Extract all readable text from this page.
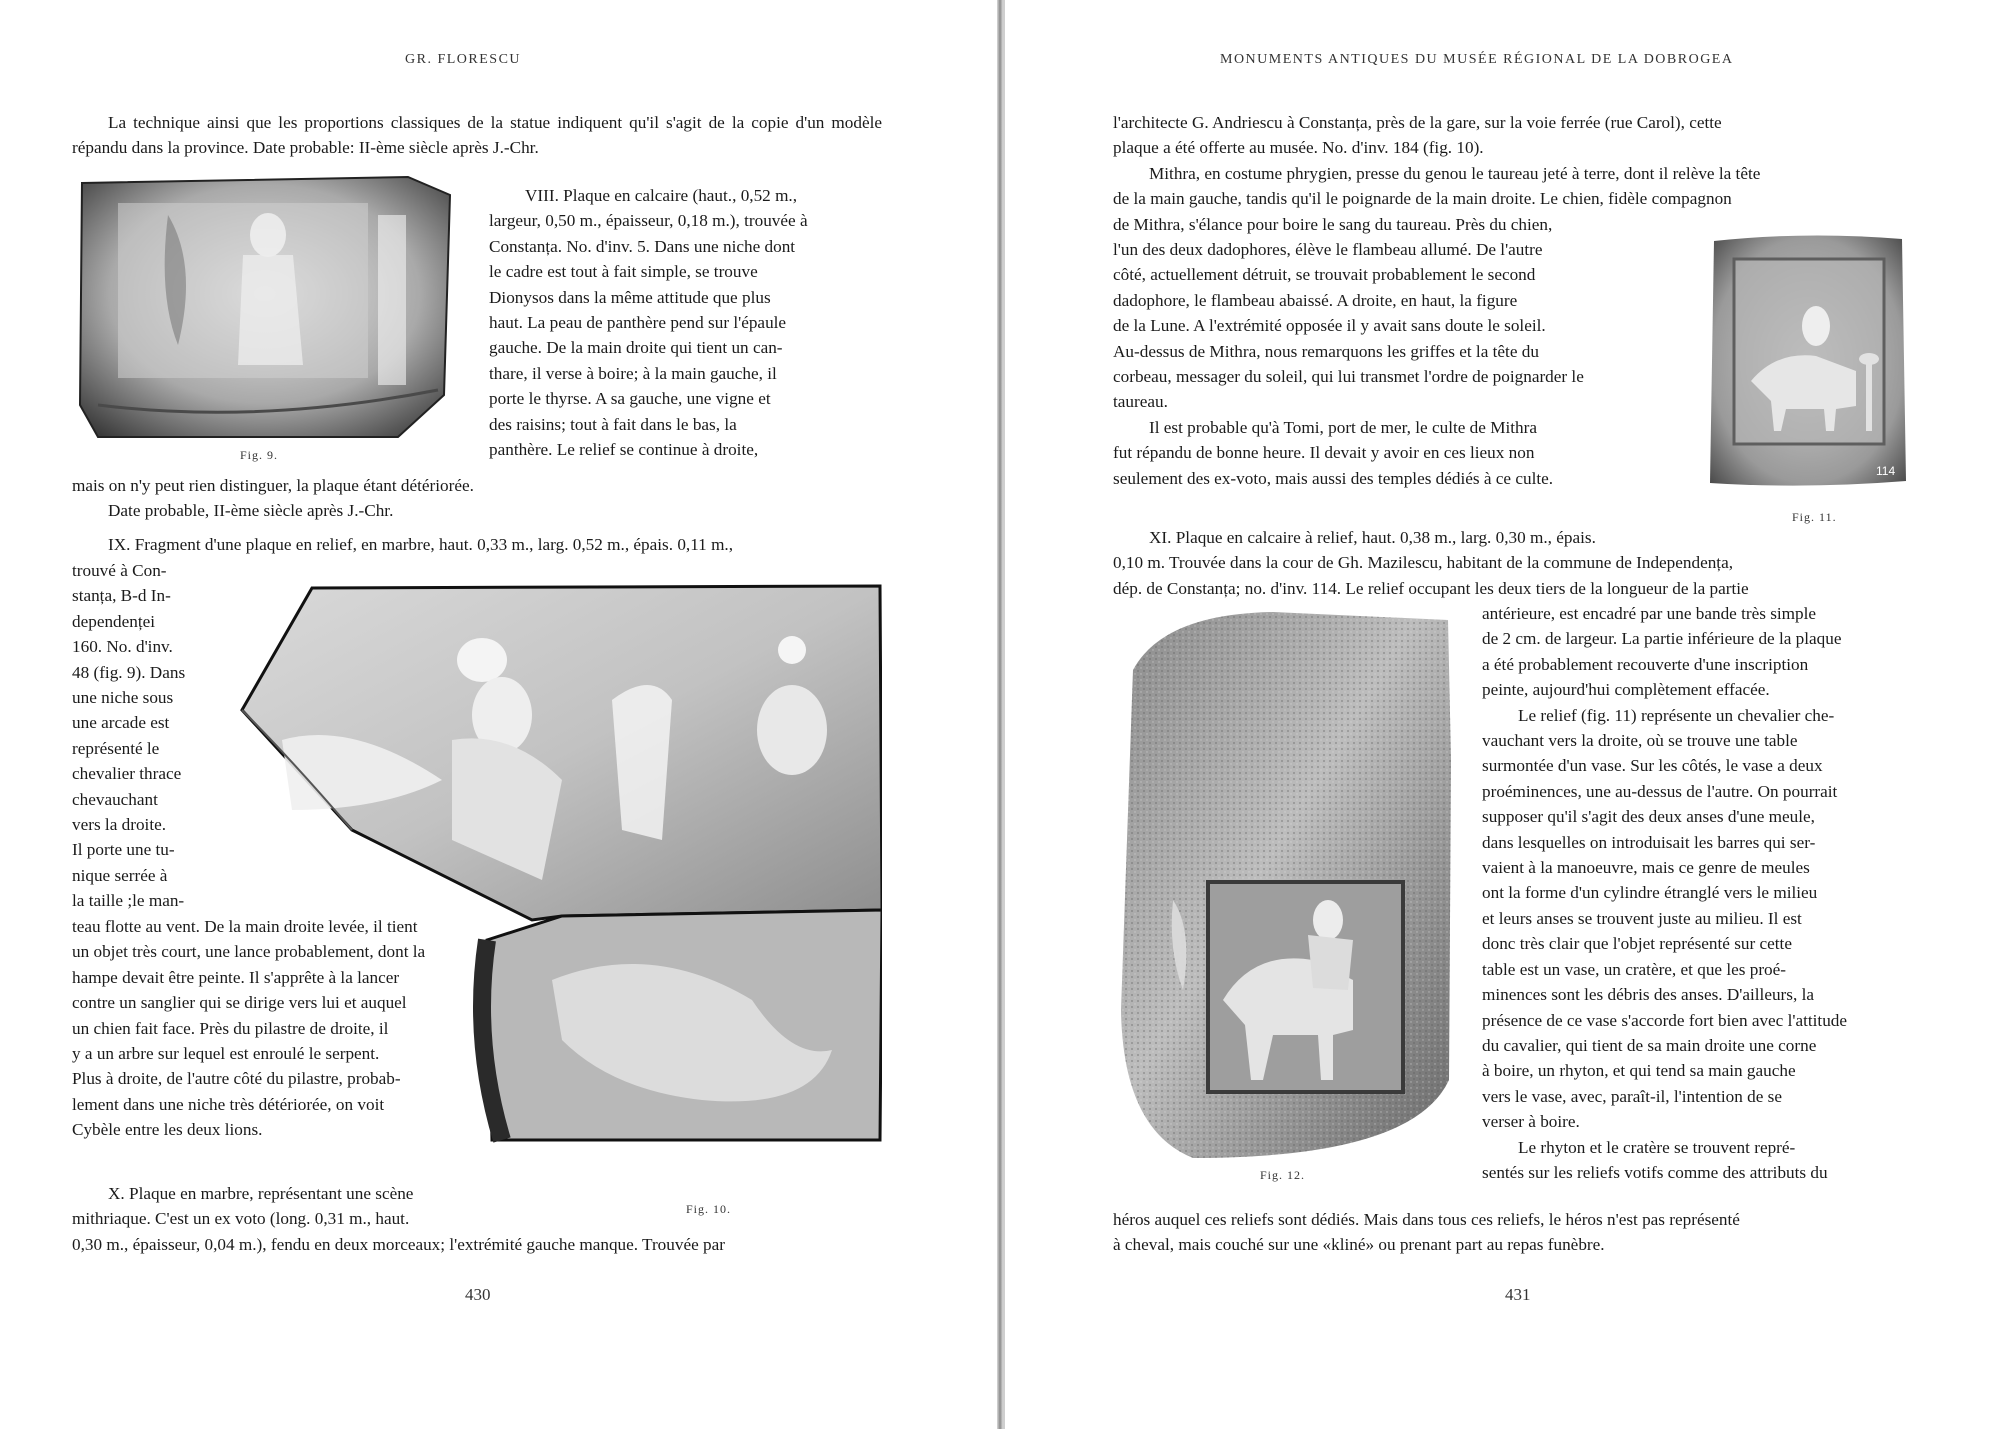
GR. FLORESCU

La technique ainsi que les proportions classiques de la statue indiquent qu'il s'agit de la copie d'un modèle répandu dans la province. Date probable: II-ème siècle après J.-Chr.

Fig. 9.

VIII. Plaque en calcaire (haut., 0,52 m.,

largeur, 0,50 m., épaisseur, 0,18 m.), trouvée à

Constanța. No. d'inv. 5. Dans une niche dont

le cadre est tout à fait simple, se trouve

Dionysos dans la même attitude que plus

haut. La peau de panthère pend sur l'épaule

gauche. De la main droite qui tient un can-

thare, il verse à boire; à la main gauche, il

porte le thyrse. A sa gauche, une vigne et

des raisins; tout à fait dans le bas, la

panthère. Le relief se continue à droite,

mais on n'y peut rien distinguer, la plaque étant détériorée.

Date probable, II-ème siècle après J.-Chr.

IX. Fragment d'une plaque en relief, en marbre, haut. 0,33 m., larg. 0,52 m., épais. 0,11 m.,

trouvé à Con-

stanța, B-d In-

dependenței

160. No. d'inv.

48 (fig. 9). Dans

une niche sous

une arcade est

représenté le

chevalier thrace

chevauchant

vers la droite.

Il porte une tu-

nique serrée à

la taille ;le man-

Fig. 10.

teau flotte au vent. De la main droite levée, il tient

un objet très court, une lance probablement, dont la

hampe devait être peinte. Il s'apprête à la lancer

contre un sanglier qui se dirige vers lui et auquel

un chien fait face. Près du pilastre de droite, il

y a un arbre sur lequel est enroulé le serpent.

Plus à droite, de l'autre côté du pilastre, probab-

lement dans une niche très détériorée, on voit

Cybèle entre les deux lions.

X. Plaque en marbre, représentant une scène

mithriaque. C'est un ex voto (long. 0,31 m., haut.

0,30 m., épaisseur, 0,04 m.), fendu en deux morceaux; l'extrémité gauche manque. Trouvée par

430
MONUMENTS ANTIQUES DU MUSÉE RÉGIONAL DE LA DOBROGEA

l'architecte G. Andriescu à Constanța, près de la gare, sur la voie ferrée (rue Carol), cette

plaque a été offerte au musée. No. d'inv. 184 (fig. 10).

Mithra, en costume phrygien, presse du genou le taureau jeté à terre, dont il relève la tête

de la main gauche, tandis qu'il le poignarde de la main droite. Le chien, fidèle compagnon

de Mithra, s'élance pour boire le sang du taureau. Près du chien,

l'un des deux dadophores, élève le flambeau allumé. De l'autre

côté, actuellement détruit, se trouvait probablement le second

dadophore, le flambeau abaissé. A droite, en haut, la figure

de la Lune. A l'extrémité opposée il y avait sans doute le soleil.

Au-dessus de Mithra, nous remarquons les griffes et la tête du

corbeau, messager du soleil, qui lui transmet l'ordre de poignarder le

taureau.

Il est probable qu'à Tomi, port de mer, le culte de Mithra

fut répandu de bonne heure. Il devait y avoir en ces lieux non

seulement des ex-voto, mais aussi des temples dédiés à ce culte.	114
Fig. 11.

XI. Plaque en calcaire à relief, haut. 0,38 m., larg. 0,30 m., épais.

0,10 m. Trouvée dans la cour de Gh. Mazilescu, habitant de la commune de Independența,

dép. de Constanța; no. d'inv. 114. Le relief occupant les deux tiers de la longueur de la partie

Fig. 12.

antérieure, est encadré par une bande très simple

de 2 cm. de largeur. La partie inférieure de la plaque

a été probablement recouverte d'une inscription

peinte, aujourd'hui complètement effacée.

Le relief (fig. 11) représente un chevalier che-

vauchant vers la droite, où se trouve une table

surmontée d'un vase. Sur les côtés, le vase a deux

proéminences, une au-dessus de l'autre. On pourrait

supposer qu'il s'agit des deux anses d'une meule,

dans lesquelles on introduisait les barres qui ser-

vaient à la manoeuvre, mais ce genre de meules

ont la forme d'un cylindre étranglé vers le milieu

et leurs anses se trouvent juste au milieu. Il est

donc très clair que l'objet représenté sur cette

table est un vase, un cratère, et que les proé-

minences sont les débris des anses. D'ailleurs, la

présence de ce vase s'accorde fort bien avec l'attitude

du cavalier, qui tient de sa main droite une corne

à boire, un rhyton, et qui tend sa main gauche

vers le vase, avec, paraît-il, l'intention de se

verser à boire.

Le rhyton et le cratère se trouvent repré-

sentés sur les reliefs votifs comme des attributs du

héros auquel ces reliefs sont dédiés. Mais dans tous ces reliefs, le héros n'est pas représenté

à cheval, mais couché sur une «kliné» ou prenant part au repas funèbre.

431
